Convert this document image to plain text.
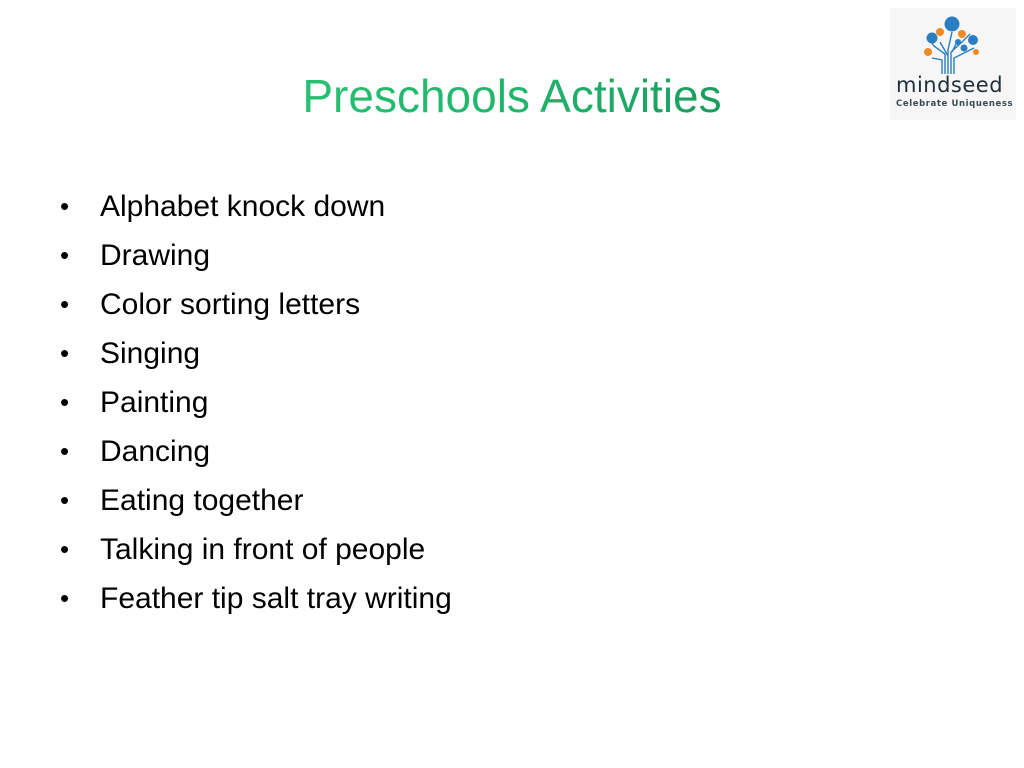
Preschools Activities	mindseed
Celebrate Uniqueness
• Alphabet knock down
• Drawing
• Color sorting letters
• Singing
• Painting
• Dancing
• Eating together
• Talking in front of people
• Feather tip salt tray writing
